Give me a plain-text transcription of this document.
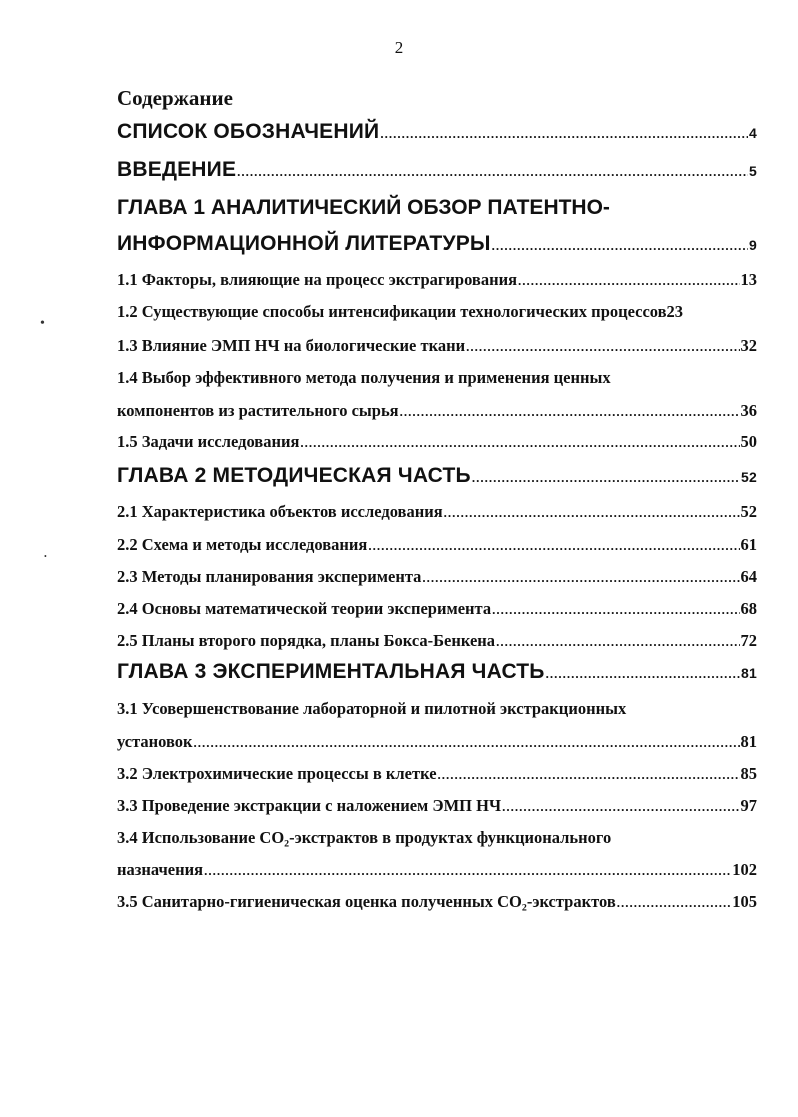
2
Содержание
СПИСОК ОБОЗНАЧЕНИЙ .....	4
ВВЕДЕНИЕ .....	5
ГЛАВА 1 АНАЛИТИЧЕСКИЙ ОБЗОР ПАТЕНТНО-
ИНФОРМАЦИОННОЙ ЛИТЕРАТУРЫ .....	9
1.1 Факторы, влияющие на процесс экстрагирования .....	13
1.2 Существующие способы интенсификации технологических процессов 23
1.3 Влияние ЭМП НЧ на биологические ткани .....	32
1.4 Выбор эффективного метода получения и применения ценных
компонентов из растительного сырья .....	36
1.5 Задачи исследования .....	50
ГЛАВА 2 МЕТОДИЧЕСКАЯ ЧАСТЬ .....	52
2.1 Характеристика объектов исследования .....	52
2.2 Схема и методы исследования .....	61
2.3 Методы планирования эксперимента .....	64
2.4 Основы математической теории эксперимента .....	68
2.5 Планы второго порядка, планы Бокса-Бенкена .....	72
ГЛАВА 3 ЭКСПЕРИМЕНТАЛЬНАЯ ЧАСТЬ .....	81
3.1 Усовершенствование лабораторной и пилотной экстракционных
установок .....	81
3.2 Электрохимические процессы в клетке .....	85
3.3 Проведение экстракции с наложением ЭМП НЧ .....	97
3.4 Использование CO₂-экстрактов в продуктах функционального
назначения .....	102
3.5 Санитарно-гигиеническая оценка полученных CO₂-экстрактов .....	105
•
•
